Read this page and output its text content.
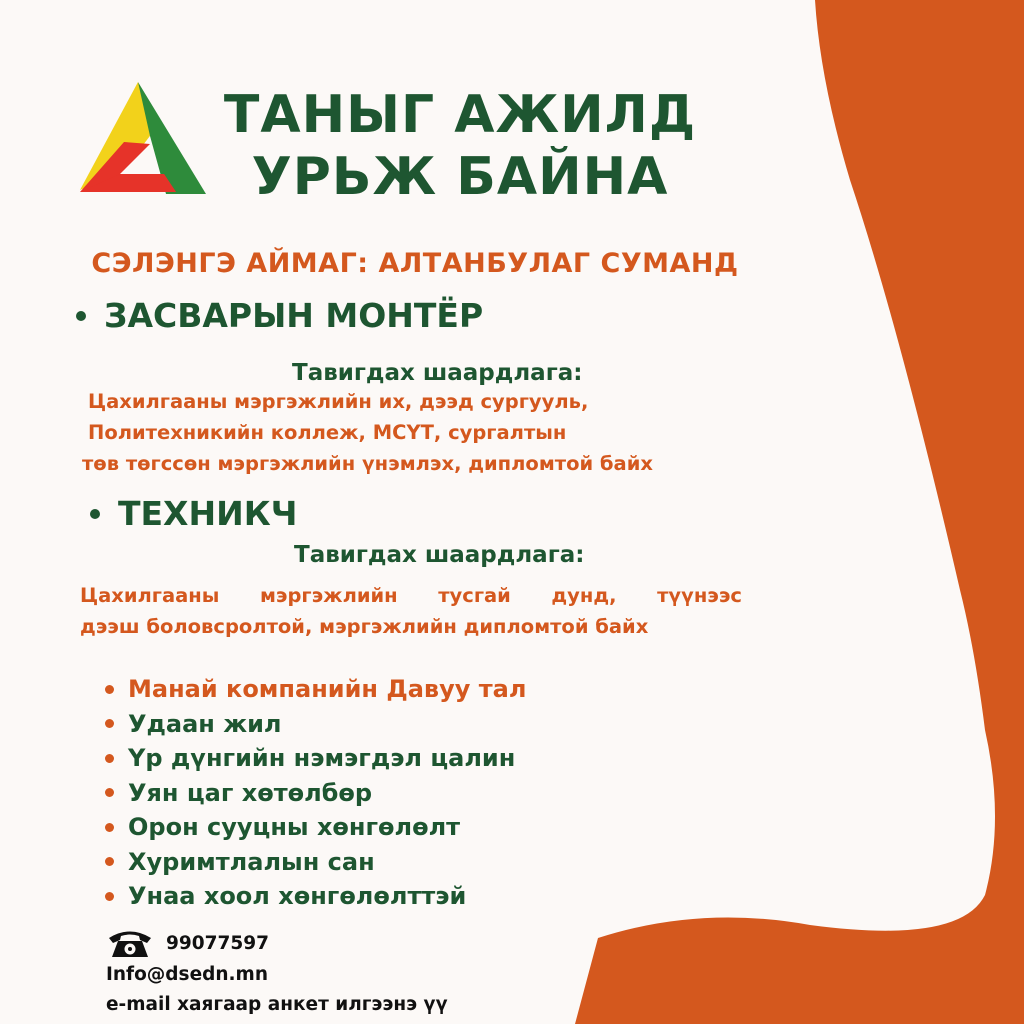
ТАНЫГ АЖИЛД
УРЬЖ БАЙНА
СЭЛЭНГЭ АЙМАГ: АЛТАНБУЛАГ СУМАНД
ЗАСВАРЫН МОНТЁР
Тавигдах шаардлага:
Цахилгааны мэргэжлийн их, дээд сургууль,
Политехникийн коллеж, МСҮТ, сургалтын
төв төгссөн мэргэжлийн үнэмлэх, дипломтой байх
ТЕХНИКЧ
Тавигдах шаардлага:
Цахилгааны мэргэжлийн тусгай дунд, түүнээс
дээш боловсролтой, мэргэжлийн дипломтой байх
Манай компанийн Давуу тал
Удаан жил
Үр дүнгийн нэмэгдэл цалин
Уян цаг хөтөлбөр
Орон сууцны хөнгөлөлт
Хуримтлалын сан
Унаа хоол хөнгөлөлттэй
99077597
Info@dsedn.mn
e-mail хаягаар анкет илгээнэ үү
